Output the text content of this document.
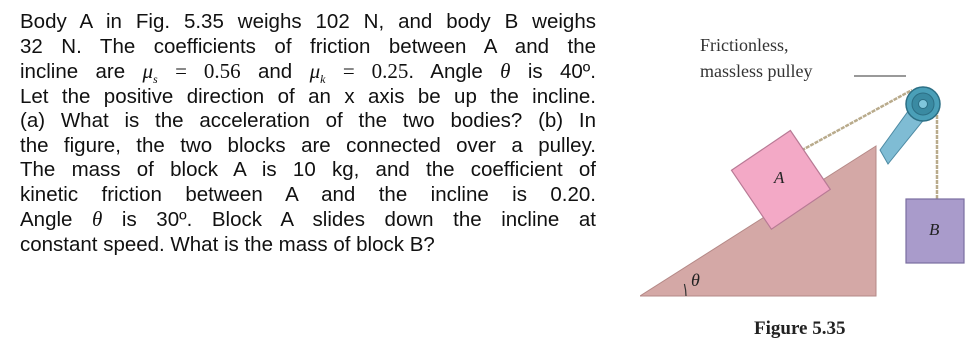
Body A in Fig. 5.35 weighs 102 N, and body B weighs
32 N. The coefficients of friction between A and the
incline are $\mu_s = 0.56$ and $\mu_k = 0.25$. Angle θ is 40º.
Let the positive direction of an x axis be up the incline.
(a) What is the acceleration of the two bodies? (b) In
the figure, the two blocks are connected over a pulley.
The mass of block A is 10 kg, and the coefficient of
kinetic friction between A and the incline is 0.20.
Angle θ is 30º. Block A slides down the incline at
constant speed. What is the mass of block B?
Frictionless,
massless pulley
A
B
θ
Figure 5.35
